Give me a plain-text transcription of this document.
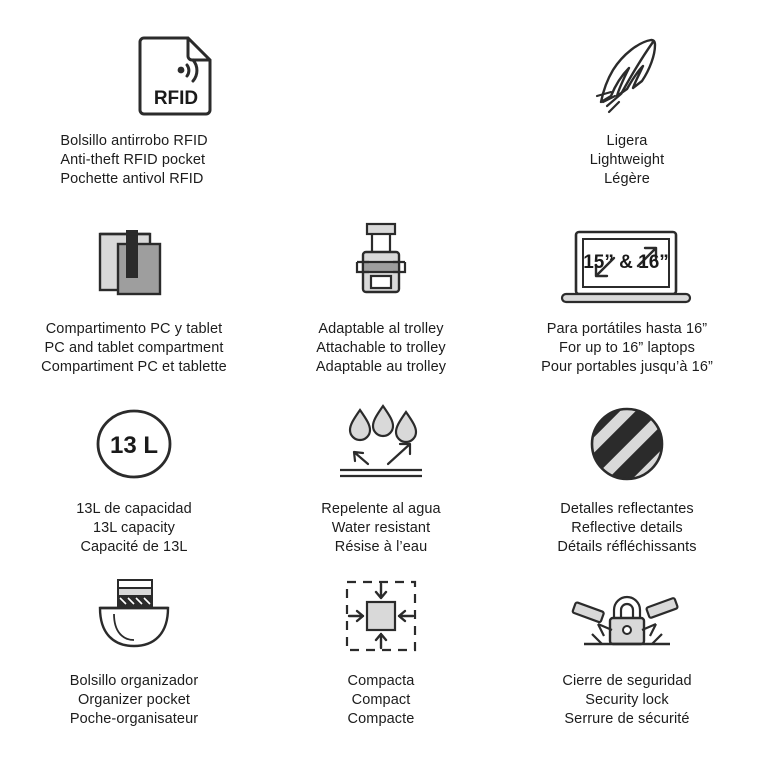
RFID
Bolsillo antirrobo RFID
Anti-theft RFID pocket
Pochette antivol RFID
Ligera
Lightweight
Légère
Compartimento PC y tablet
PC and tablet compartment
Compartiment PC et tablette
Adaptable al trolley
Attachable to trolley
Adaptable au trolley
15” & 16”
Para portátiles hasta 16”
For up to 16” laptops
Pour portables jusqu’à 16”
13 L
13L de capacidad
13L capacity
Capacité de 13L
Repelente al agua
Water resistant
Résise à l’eau
Detalles reflectantes
Reflective details
Détails réfléchissants
Bolsillo organizador
Organizer pocket
Poche-organisateur
Compacta
Compact
Compacte
Cierre de seguridad
Security lock
Serrure de sécurité
